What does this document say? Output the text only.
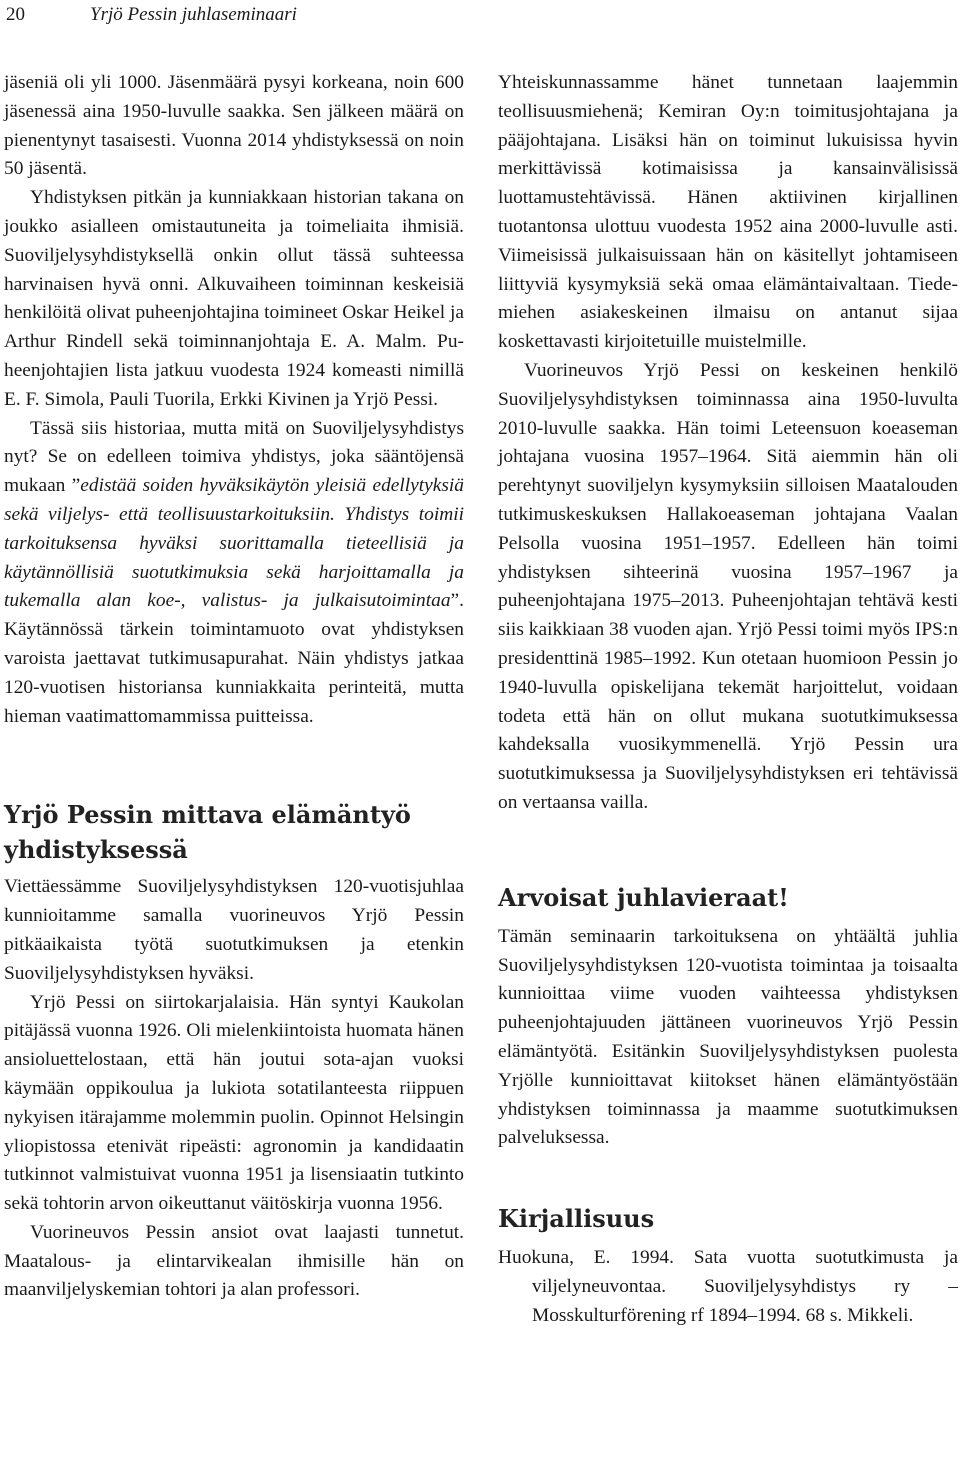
20	Yrjö Pessin juhlaseminaari

jäseniä oli yli 1000. Jäsenmäärä pysyi korkeana, noin 600 jäsenessä aina 1950-luvulle saakka. Sen jälkeen määrä on pienentynyt tasaisesti. Vuonna 2014 yhdistyksessä on noin 50 jäsentä.

Yhdistyksen pitkän ja kunniakkaan historian takana on joukko asialleen omistautuneita ja toimeliaita ihmisiä. Suoviljelysyhdistyksellä onkin ollut tässä suhteessa harvinaisen hyvä onni. Alkuvaiheen toiminnan keskeisiä henkilöitä olivat puheenjohtajina toimineet Oskar Heikel ja Arthur Rindell sekä toiminnanjohtaja E. A. Malm. Puheenjohtajien lista jatkuu vuodesta 1924 komeasti nimillä E. F. Simola, Pauli Tuorila, Erkki Kivinen ja Yrjö Pessi.

Tässä siis historiaa, mutta mitä on Suoviljelysyhdistys nyt? Se on edelleen toimiva yhdistys, joka sääntöjensä mukaan ”edistää soiden hyväksikäytön yleisiä edellytyksiä sekä viljelys- että teollisuustarkoituksiin. Yhdistys toimii tarkoituksensa hyväksi suorittamalla tieteellisiä ja käytännöllisiä suotutkimuksia sekä harjoittamalla ja tukemalla alan koe-, valistus- ja julkaisutoimintaa”. Käytännössä tärkein toimintamuoto ovat yhdistyksen varoista jaettavat tutkimusapurahat. Näin yhdistys jatkaa 120-vuotisen historiansa kunniakkaita perinteitä, mutta hieman vaatimattomammissa puitteissa.

Yrjö Pessin mittava elämäntyö yhdistyksessä

Viettäessämme Suoviljelysyhdistyksen 120-vuotisjuhlaa kunnioitamme samalla vuorineuvos Yrjö Pessin pitkäaikaista työtä suotutkimuksen ja etenkin Suoviljelysyhdistyksen hyväksi.

Yrjö Pessi on siirtokarjalaisia. Hän syntyi Kaukolan pitäjässä vuonna 1926. Oli mielenkiintoista huomata hänen ansioluettelostaan, että hän joutui sota-ajan vuoksi käymään oppikoulua ja lukiota sotatilanteesta riippuen nykyisen itärajamme molemmin puolin. Opinnot Helsingin yliopistossa etenivät ripeästi: agronomin ja kandidaatin tutkinnot valmistuivat vuonna 1951 ja lisensiaatin tutkinto sekä tohtorin arvon oikeuttanut väitöskirja vuonna 1956.

Vuorineuvos Pessin ansiot ovat laajasti tunnetut. Maatalous- ja elintarvikealan ihmisille hän on maanviljelyskemian tohtori ja alan professori.

Yhteiskunnassamme hänet tunnetaan laajemmin teollisuusmiehenä; Kemiran Oy:n toimitusjohtajana ja pääjohtajana. Lisäksi hän on toiminut lukuisissa hyvin merkittävissä kotimaisissa ja kansainvälisissä luottamustehtävissä. Hänen aktiivinen kirjallinen tuotantonsa ulottuu vuodesta 1952 aina 2000-luvulle asti. Viimeisissä julkaisuissaan hän on käsitellyt johtamiseen liittyviä kysymyksiä sekä omaa elämäntaivaltaan. Tiedemiehen asiakeskeinen ilmaisu on antanut sijaa koskettavasti kirjoitetuille muistelmille.

Vuorineuvos Yrjö Pessi on keskeinen henkilö Suoviljelysyhdistyksen toiminnassa aina 1950-luvulta 2010-luvulle saakka. Hän toimi Leteensuon koeaseman johtajana vuosina 1957–1964. Sitä aiemmin hän oli perehtynyt suoviljelyn kysymyksiin silloisen Maatalouden tutkimuskeskuksen Hallakoeaseman johtajana Vaalan Pelsolla vuosina 1951–1957. Edelleen hän toimi yhdistyksen sihteerinä vuosina 1957–1967 ja puheenjohtajana 1975–2013. Puheenjohtajan tehtävä kesti siis kaikkiaan 38 vuoden ajan. Yrjö Pessi toimi myös IPS:n presidenttinä 1985–1992. Kun otetaan huomioon Pessin jo 1940-luvulla opiskelijana tekemät harjoittelut, voidaan todeta että hän on ollut mukana suotutkimuksessa kahdeksalla vuosikymmenellä. Yrjö Pessin ura suotutkimuksessa ja Suoviljelysyhdistyksen eri tehtävissä on vertaansa vailla.

Arvoisat juhlavieraat!

Tämän seminaarin tarkoituksena on yhtäältä juhlia Suoviljelysyhdistyksen 120-vuotista toimintaa ja toisaalta kunnioittaa viime vuoden vaihteessa yhdistyksen puheenjohtajuuden jättäneen vuorineuvos Yrjö Pessin elämäntyötä. Esitänkin Suoviljelysyhdistyksen puolesta Yrjölle kunnioittavat kiitokset hänen elämäntyöstään yhdistyksen toiminnassa ja maamme suotutkimuksen palveluksessa.

Kirjallisuus

Huokuna, E. 1994. Sata vuotta suotutkimusta ja viljelyneuvontaa. Suoviljelysyhdistys ry – Mosskulturförening rf 1894–1994. 68 s. Mikkeli.
